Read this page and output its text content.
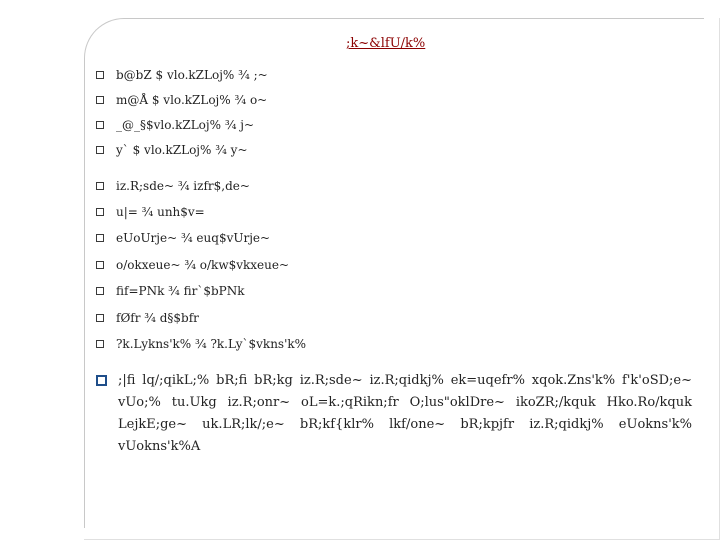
;k~&lfU/k%
b@bZ $ vlo.kZLoj% ¾ ;~
m@Å $ vlo.kZLoj% ¾ o~
_@_§$vlo.kZLoj% ¾ j~
y` $ vlo.kZLoj% ¾ y~
iz.R;sde~ ¾ izfr$,de~
u|= ¾ unh$v=
eUoUrje~ ¾ euq$vUrje~
o/okxeue~ ¾ o/kw$vkxeue~
fif=PNk ¾ fir`$bPNk
fØfr ¾ d§$bfr
?k.Lykns'k% ¾ ?k.Ly`$vkns'k%
;|fi lq/;qikL;% bR;fi bR;kg iz.R;sde~ iz.R;qidkj% ek=uqefr% xqok.Zns'k% f'k'oSD;e~ vUo;% tu.Ukg iz.R;onr~ oL=k.;qRikn;fr O;lus"oklDre~ ikoZR;/kquk Hko.Ro/kquk LejkE;ge~ uk.LR;lk/;e~ bR;kf{klr% lkf/one~ bR;kpjfr iz.R;qidkj% eUokns'k% vUokns'k%A
